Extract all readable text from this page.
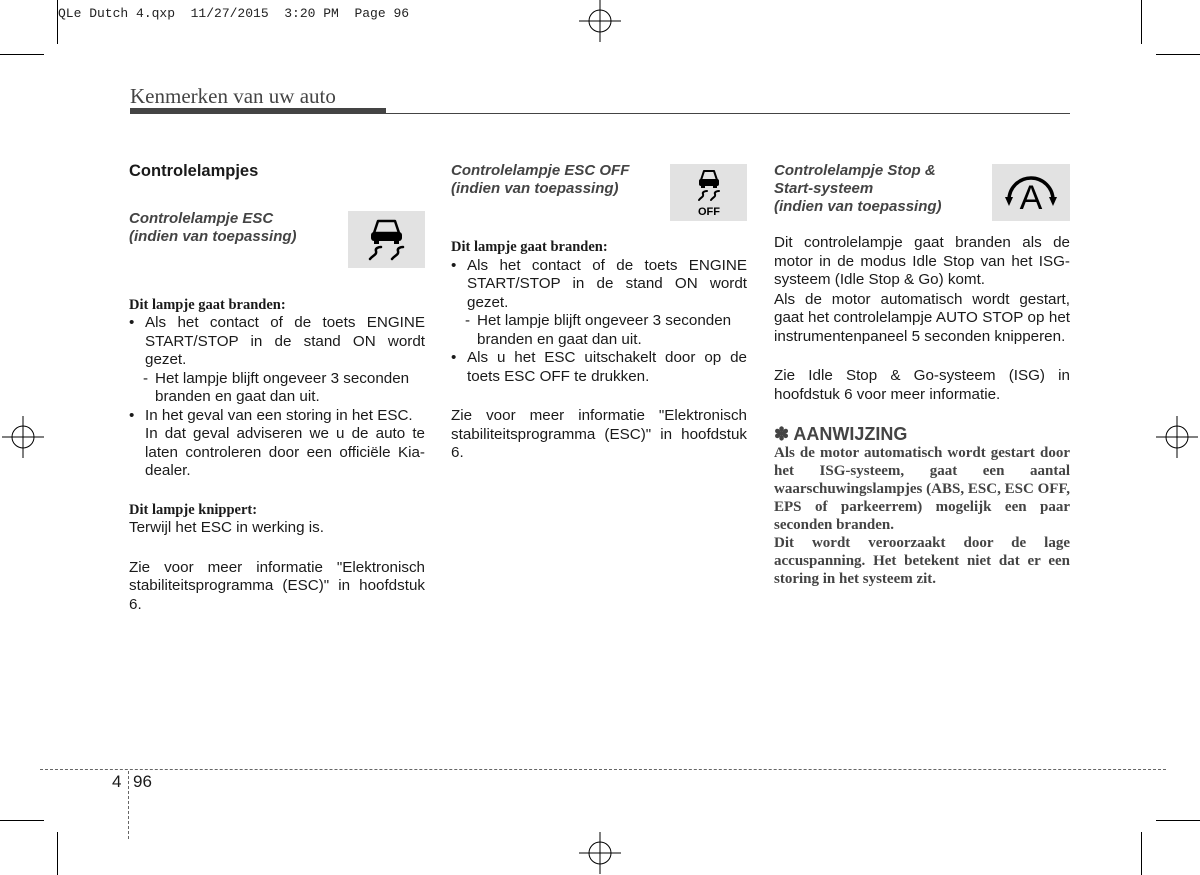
QLe Dutch 4.qxp  11/27/2015  3:20 PM  Page 96
Kenmerken van uw auto

Controlelampjes

Controlelampje ESC

(indien van toepassing)

Dit lampje gaat branden:

• Als het contact of de toets ENGINE START/STOP in de stand ON wordt gezet.

- Het lampje blijft ongeveer 3 seconden branden en gaat dan uit.

• In het geval van een storing in het ESC.

In dat geval adviseren we u de auto te laten controleren door een officiële Kia-dealer.

Dit lampje knippert:

Terwijl het ESC in werking is.

Zie voor meer informatie "Elektronisch stabiliteitsprogramma (ESC)" in hoofdstuk 6.

Controlelampje ESC OFF

(indien van toepassing)

Dit lampje gaat branden:

• Als het contact of de toets ENGINE START/STOP in de stand ON wordt gezet.

- Het lampje blijft ongeveer 3 seconden branden en gaat dan uit.

• Als u het ESC uitschakelt door op de toets ESC OFF te drukken.

Zie voor meer informatie "Elektronisch stabiliteitsprogramma (ESC)" in hoofdstuk 6.

OFF

Controlelampje Stop &

Start-systeem

(indien van toepassing)

Dit controlelampje gaat branden als de motor in de modus Idle Stop van het ISG-systeem (Idle Stop & Go) komt.

Als de motor automatisch wordt gestart, gaat het controlelampje AUTO STOP op het instrumentenpaneel 5 seconden knipperen.

Zie Idle Stop & Go-systeem (ISG) in hoofdstuk 6 voor meer informatie.

✽ AANWIJZING

Als de motor automatisch wordt gestart door het ISG-systeem, gaat een aantal waarschuwingslampjes (ABS, ESC, ESC OFF, EPS of parkeerrem) mogelijk een paar seconden branden.

Dit wordt veroorzaakt door de lage accuspanning. Het betekent niet dat er een storing in het systeem zit.

A
4 96
